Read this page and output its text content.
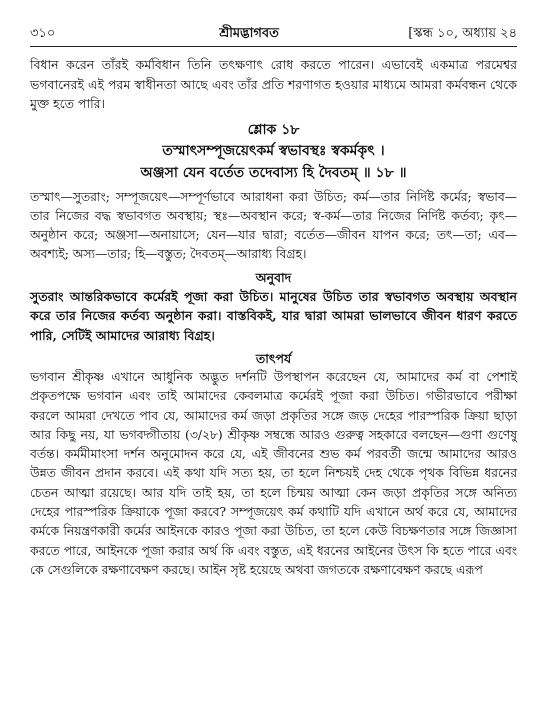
৩১০	শ্রীমদ্ভাগবত	[স্কন্ধ ১০, অধ্যায় ২৪

বিধান করেন তাঁরই কর্মবিধান তিনি তৎক্ষণাৎ রোধ করতে পারেন। এভাবেই একমাত্র পরমেশ্বর ভগবানেরই এই পরম স্বাধীনতা আছে এবং তাঁর প্রতি শরণাগত হওয়ার মাধ্যমে আমরা কর্মবন্ধন থেকে মুক্ত হতে পারি।

শ্লোক ১৮
তস্মাৎসম্পূজয়েৎকর্ম স্বভাবস্থঃ স্বকর্মকৃৎ ।
অঞ্জসা যেন বর্তেত তদেবাস্য হি দৈবতম্ ॥ ১৮ ॥

তস্মাৎ—সুতরাং; সম্পূজয়েৎ—সম্পূর্ণভাবে আরাধনা করা উচিত; কর্ম—তার নির্দিষ্ট কর্মের; স্বভাব—তার নিজের বদ্ধ স্বভাবগত অবস্থায়; স্থঃ—অবস্থান করে; স্ব-কর্ম—তার নিজের নির্দিষ্ট কর্তব্য; কৃৎ—অনুষ্ঠান করে; অঞ্জসা—অনায়াসে; যেন—যার দ্বারা; বর্তেত—জীবন যাপন করে; তৎ—তা; এব—অবশ্যই; অস্য—তার; হি—বস্তুত; দৈবতম্—আরাধ্য বিগ্রহ।

অনুবাদ

সুতরাং আন্তরিকভাবে কর্মেরই পূজা করা উচিত। মানুষের উচিত তার স্বভাবগত অবস্থায় অবস্থান করে তার নিজের কর্তব্য অনুষ্ঠান করা। বাস্তবিকই, যার দ্বারা আমরা ভালভাবে জীবন ধারণ করতে পারি, সেটিই আমাদের আরাধ্য বিগ্রহ।

তাৎপর্য

ভগবান শ্রীকৃষ্ণ এখানে আধুনিক অদ্ভুত দর্শনটি উপস্থাপন করেছেন যে, আমাদের কর্ম বা পেশাই প্রকৃতপক্ষে ভগবান এবং তাই আমাদের কেবলমাত্র কর্মেরই পূজা করা উচিত। গভীরভাবে পরীক্ষা করলে আমরা দেখতে পাব যে, আমাদের কর্ম জড়া প্রকৃতির সঙ্গে জড় দেহের পারস্পরিক ক্রিয়া ছাড়া আর কিছু নয়, যা ভগবদ্গীতায় (৩/২৮) শ্রীকৃষ্ণ সম্বন্ধে আরও গুরুত্ব সহকারে বলছেন—গুণা গুণেষু বর্তন্ত। কর্মমীমাংসা দর্শন অনুমোদন করে যে, এই জীবনের শুভ কর্ম পরবর্তী জন্মে আমাদের আরও উন্নত জীবন প্রদান করবে। এই কথা যদি সত্য হয়, তা হলে নিশ্চয়ই দেহ থেকে পৃথক বিভিন্ন ধরনের চেতন আত্মা রয়েছে। আর যদি তাই হয়, তা হলে চিন্ময় আত্মা কেন জড়া প্রকৃতির সঙ্গে অনিত্য দেহের পারস্পরিক ক্রিয়াকে পূজা করবে? সম্পূজয়েৎ কর্ম কথাটি যদি এখানে অর্থ করে যে, আমাদের কর্মকে নিয়ন্ত্রণকারী কর্মের আইনকে কারও পূজা করা উচিত, তা হলে কেউ বিচক্ষণতার সঙ্গে জিজ্ঞাসা করতে পারে, আইনকে পূজা করার অর্থ কি এবং বস্তুত, এই ধরনের আইনের উৎস কি হতে পারে এবং কে সেগুলিকে রক্ষণাবেক্ষণ করছে। আইন সৃষ্ট হয়েছে অথবা জগতকে রক্ষণাবেক্ষণ করছে এরূপ
